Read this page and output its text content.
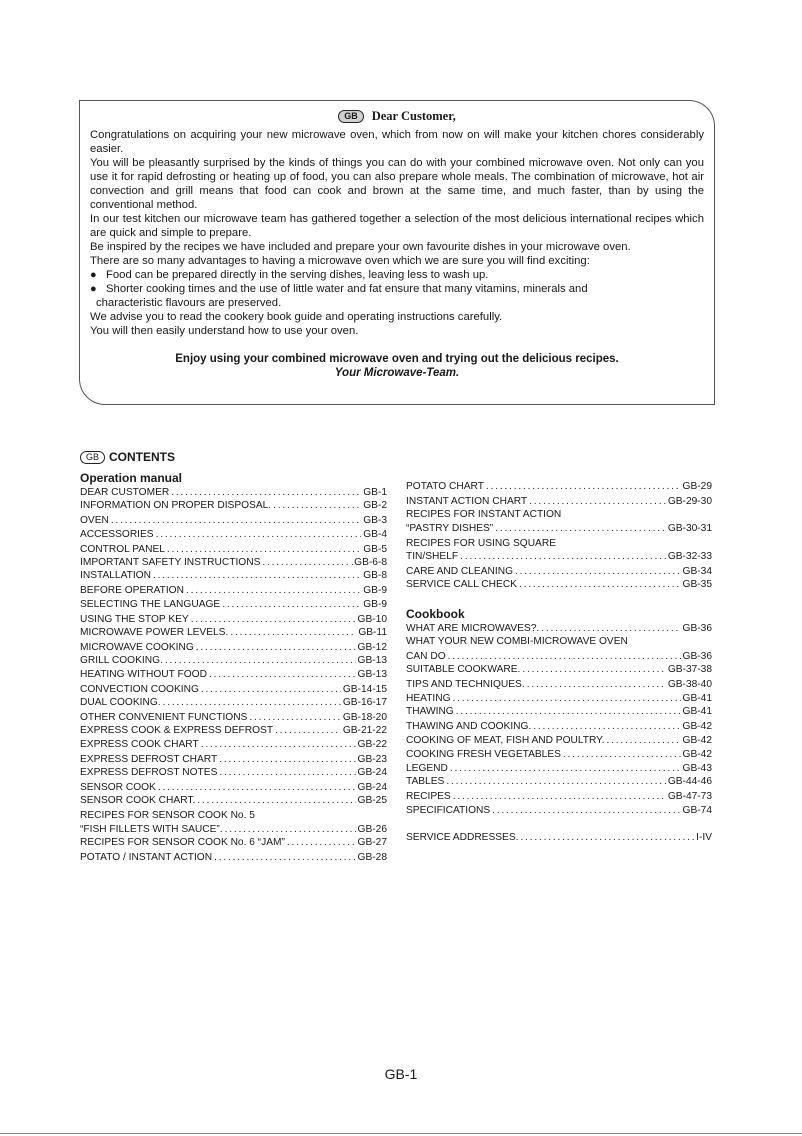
GB Dear Customer,

Congratulations on acquiring your new microwave oven, which from now on will make your kitchen chores considerably easier.

You will be pleasantly surprised by the kinds of things you can do with your combined microwave oven. Not only can you use it for rapid defrosting or heating up of food, you can also prepare whole meals. The combination of microwave, hot air convection and grill means that food can cook and brown at the same time, and much faster, than by using the conventional method.

In our test kitchen our microwave team has gathered together a selection of the most delicious international recipes which are quick and simple to prepare.

Be inspired by the recipes we have included and prepare your own favourite dishes in your microwave oven.

There are so many advantages to having a microwave oven which we are sure you will find exciting:

● Food can be prepared directly in the serving dishes, leaving less to wash up.
● Shorter cooking times and the use of little water and fat ensure that many vitamins, minerals and

characteristic flavours are preserved.

We advise you to read the cookery book guide and operating instructions carefully.

You will then easily understand how to use your oven.

Enjoy using your combined microwave oven and trying out the delicious recipes.
Your Microwave-Team.
GB CONTENTS

Operation manual

DEAR CUSTOMER .....	GB-1
INFORMATION ON PROPER DISPOSAL. .....	GB-2
OVEN .....	GB-3
ACCESSORIES .....	GB-4
CONTROL PANEL .....	GB-5
IMPORTANT SAFETY INSTRUCTIONS .....	.GB-6-8
INSTALLATION .....	GB-8
BEFORE OPERATION .....	GB-9
SELECTING THE LANGUAGE .....	GB-9
USING THE STOP KEY .....	GB-10
MICROWAVE POWER LEVELS. .....	GB-11
MICROWAVE COOKING .....	GB-12
GRILL COOKING. .....	GB-13
HEATING WITHOUT FOOD .....	GB-13
CONVECTION COOKING .....	GB-14-15
DUAL COOKING. .....	GB-16-17
OTHER CONVENIENT FUNCTIONS .....	GB-18-20
EXPRESS COOK & EXPRESS DEFROST .....	GB-21-22
EXPRESS COOK CHART .....	GB-22
EXPRESS DEFROST CHART .....	GB-23
EXPRESS DEFROST NOTES .....	GB-24
SENSOR COOK .....	GB-24
SENSOR COOK CHART. .....	GB-25
RECIPES FOR SENSOR COOK No. 5
“FISH FILLETS WITH SAUCE”. .....	GB-26
RECIPES FOR SENSOR COOK No. 6 “JAM” .....	GB-27
POTATO / INSTANT ACTION .....	GB-28
POTATO CHART .....	GB-29
INSTANT ACTION CHART .....	GB-29-30
RECIPES FOR INSTANT ACTION
“PASTRY DISHES” .....	GB-30-31
RECIPES FOR USING SQUARE
TIN/SHELF .....	GB-32-33
CARE AND CLEANING .....	GB-34
SERVICE CALL CHECK .....	GB-35

Cookbook

WHAT ARE MICROWAVES?. .....	GB-36
WHAT YOUR NEW COMBI-MICROWAVE OVEN
CAN DO .....	GB-36
SUITABLE COOKWARE. .....	GB-37-38
TIPS AND TECHNIQUES. .....	GB-38-40
HEATING .....	GB-41
THAWING .....	GB-41
THAWING AND COOKING. .....	GB-42
COOKING OF MEAT, FISH AND POULTRY. .....	GB-42
COOKING FRESH VEGETABLES .....	GB-42
LEGEND .....	GB-43
TABLES .....	GB-44-46
RECIPES .....	GB-47-73
SPECIFICATIONS .....	GB-74
SERVICE ADDRESSES. .....	I-IV
GB-1
